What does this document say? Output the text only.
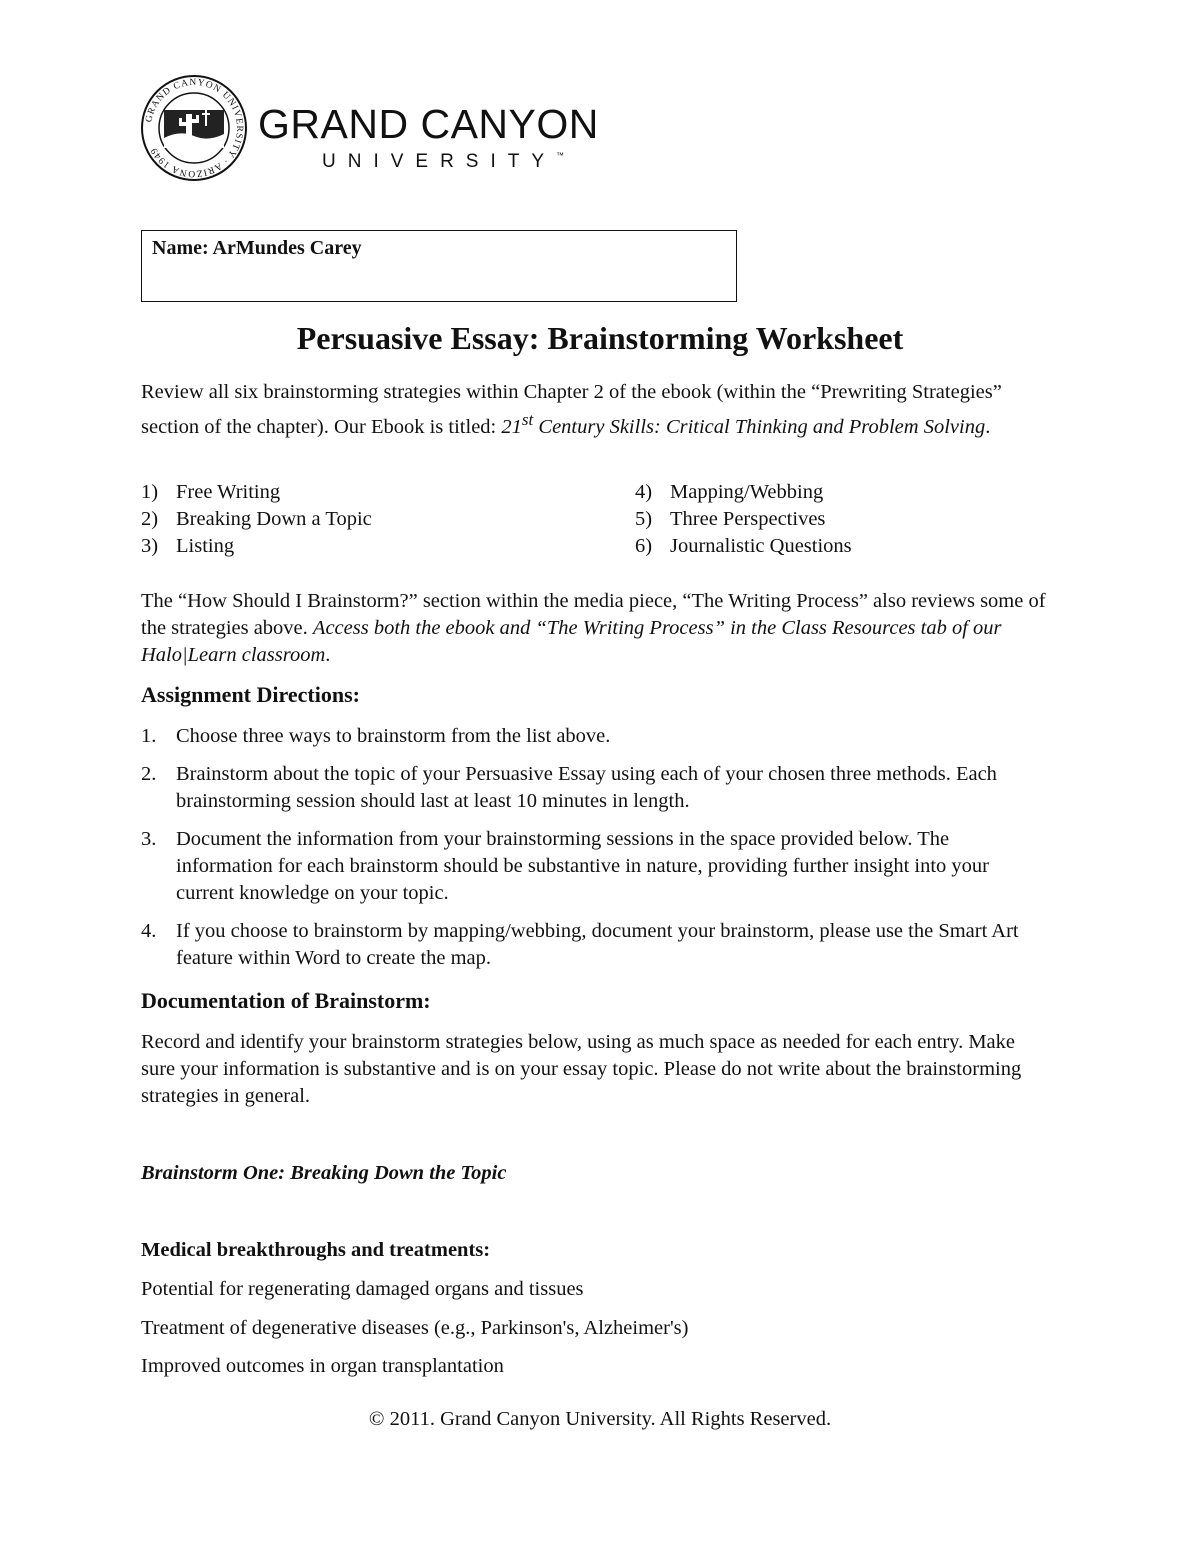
GRAND CANYON UNIVERSITY · ARIZONA 1949
GRAND CANYON
UNIVERSITY™
Name: ArMundes Carey
Persuasive Essay: Brainstorming Worksheet
Review all six brainstorming strategies within Chapter 2 of the ebook (within the “Prewriting Strategies” section of the chapter). Our Ebook is titled: 21st Century Skills: Critical Thinking and Problem Solving.
1) Free Writing
2) Breaking Down a Topic
3) Listing
4) Mapping/Webbing
5) Three Perspectives
6) Journalistic Questions
The “How Should I Brainstorm?” section within the media piece, “The Writing Process” also reviews some of the strategies above. Access both the ebook and “The Writing Process” in the Class Resources tab of our Halo|Learn classroom.
Assignment Directions:
1. Choose three ways to brainstorm from the list above.
2. Brainstorm about the topic of your Persuasive Essay using each of your chosen three methods. Each brainstorming session should last at least 10 minutes in length.
3. Document the information from your brainstorming sessions in the space provided below. The information for each brainstorm should be substantive in nature, providing further insight into your current knowledge on your topic.
4. If you choose to brainstorm by mapping/webbing, document your brainstorm, please use the Smart Art feature within Word to create the map.
Documentation of Brainstorm:
Record and identify your brainstorm strategies below, using as much space as needed for each entry. Make sure your information is substantive and is on your essay topic. Please do not write about the brainstorming strategies in general.
Brainstorm One: Breaking Down the Topic
Medical breakthroughs and treatments:
Potential for regenerating damaged organs and tissues
Treatment of degenerative diseases (e.g., Parkinson's, Alzheimer's)
Improved outcomes in organ transplantation
© 2011. Grand Canyon University. All Rights Reserved.
